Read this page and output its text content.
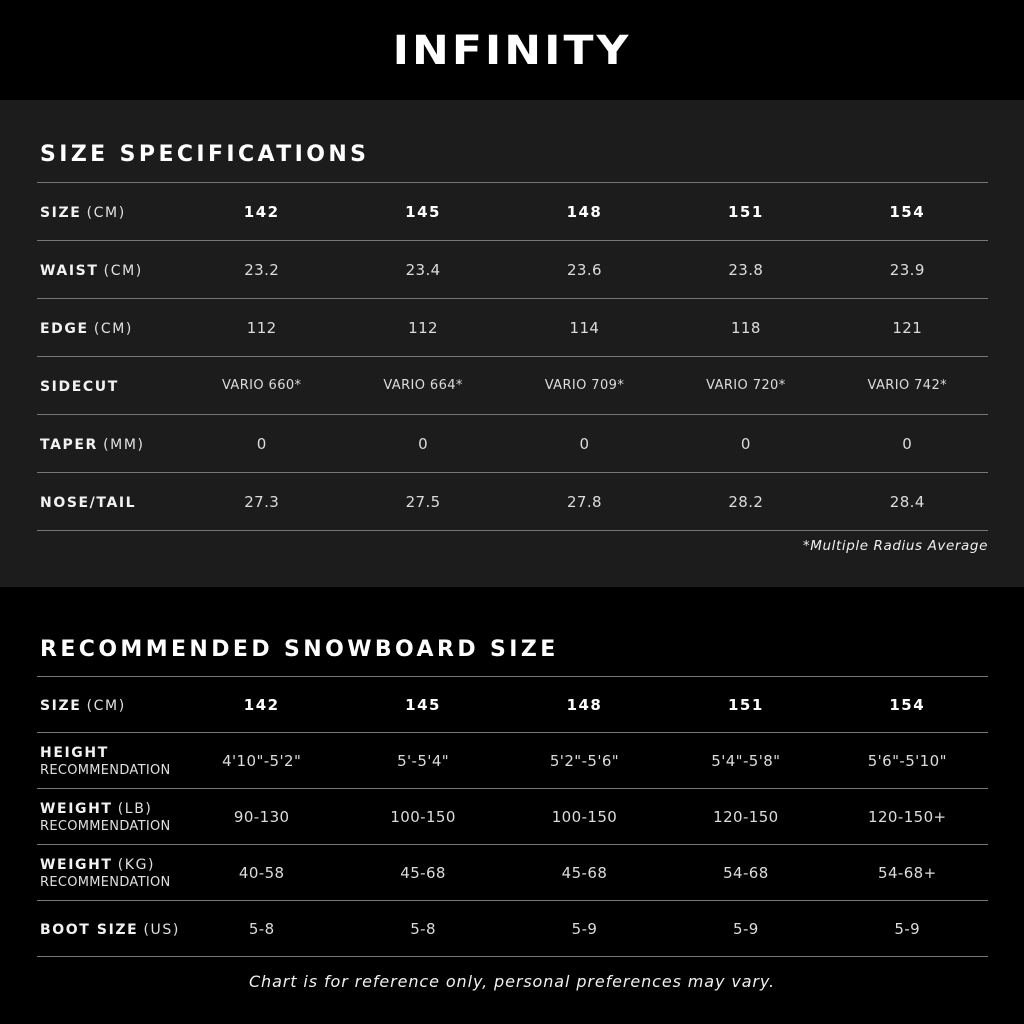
INFINITY
SIZE SPECIFICATIONS
SIZE (CM)	142	145	148	151	154
WAIST (CM)	23.2	23.4	23.6	23.8	23.9
EDGE (CM)	112	112	114	118	121
SIDECUT	VARIO 660*	VARIO 664*	VARIO 709*	VARIO 720*	VARIO 742*
TAPER (MM)	0	0	0	0	0
NOSE/TAIL	27.3	27.5	27.8	28.2	28.4
*Multiple Radius Average
RECOMMENDED SNOWBOARD SIZE
SIZE (CM)	142	145	148	151	154
HEIGHT
RECOMMENDATION	4'10"-5'2"	5'-5'4"	5'2"-5'6"	5'4"-5'8"	5'6"-5'10"
WEIGHT (LB)
RECOMMENDATION	90-130	100-150	100-150	120-150	120-150+
WEIGHT (KG)
RECOMMENDATION	40-58	45-68	45-68	54-68	54-68+
BOOT SIZE (US)	5-8	5-8	5-9	5-9	5-9
Chart is for reference only, personal preferences may vary.
